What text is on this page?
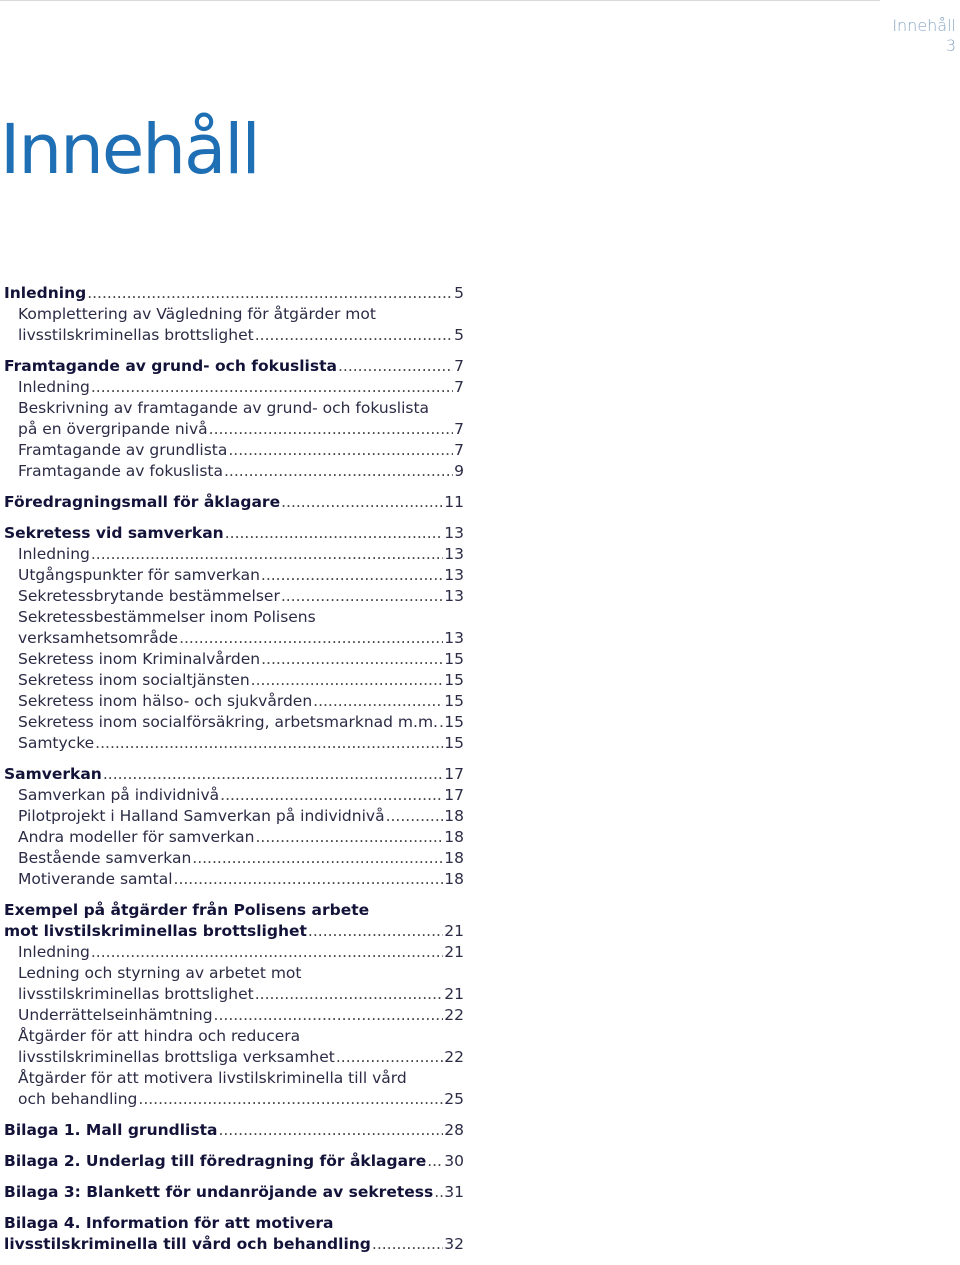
Innehåll
3
Innehåll
Inledning .....	5
Komplettering av Vägledning för åtgärder mot
livsstilskriminellas brottslighet .....	5
Framtagande av grund- och fokuslista .....	7
Inledning .....	7
Beskrivning av framtagande av grund- och fokuslista
på en övergripande nivå .....	7
Framtagande av grundlista .....	7
Framtagande av fokuslista .....	9
Föredragningsmall för åklagare .....	11
Sekretess vid samverkan .....	13
Inledning .....	13
Utgångspunkter för samverkan .....	13
Sekretessbrytande bestämmelser .....	13
Sekretessbestämmelser inom Polisens
verksamhetsområde .....	13
Sekretess inom Kriminalvården .....	15
Sekretess inom socialtjänsten .....	15
Sekretess inom hälso- och sjukvården .....	15
Sekretess inom socialförsäkring, arbetsmarknad m.m. ..... 15
Samtycke .....	15
Samverkan .....	17
Samverkan på individnivå .....	17
Pilotprojekt i Halland Samverkan på individnivå .....	18
Andra modeller för samverkan .....	18
Bestående samverkan .....	18
Motiverande samtal .....	18
Exempel på åtgärder från Polisens arbete
mot livstilskriminellas brottslighet .....	21
Inledning .....	21
Ledning och styrning av arbetet mot
livsstilskriminellas brottslighet .....	21
Underrättelseinhämtning .....	22
Åtgärder för att hindra och reducera
livsstilskriminellas brottsliga verksamhet .....	22
Åtgärder för att motivera livstilskriminella till vård
och behandling .....	25
Bilaga 1. Mall grundlista .....	28
Bilaga 2. Underlag till föredragning för åklagare ..... 30
Bilaga 3: Blankett för undanröjande av sekretess ..... 31
Bilaga 4. Information för att motivera
livsstilskriminella till vård och behandling .....	32
